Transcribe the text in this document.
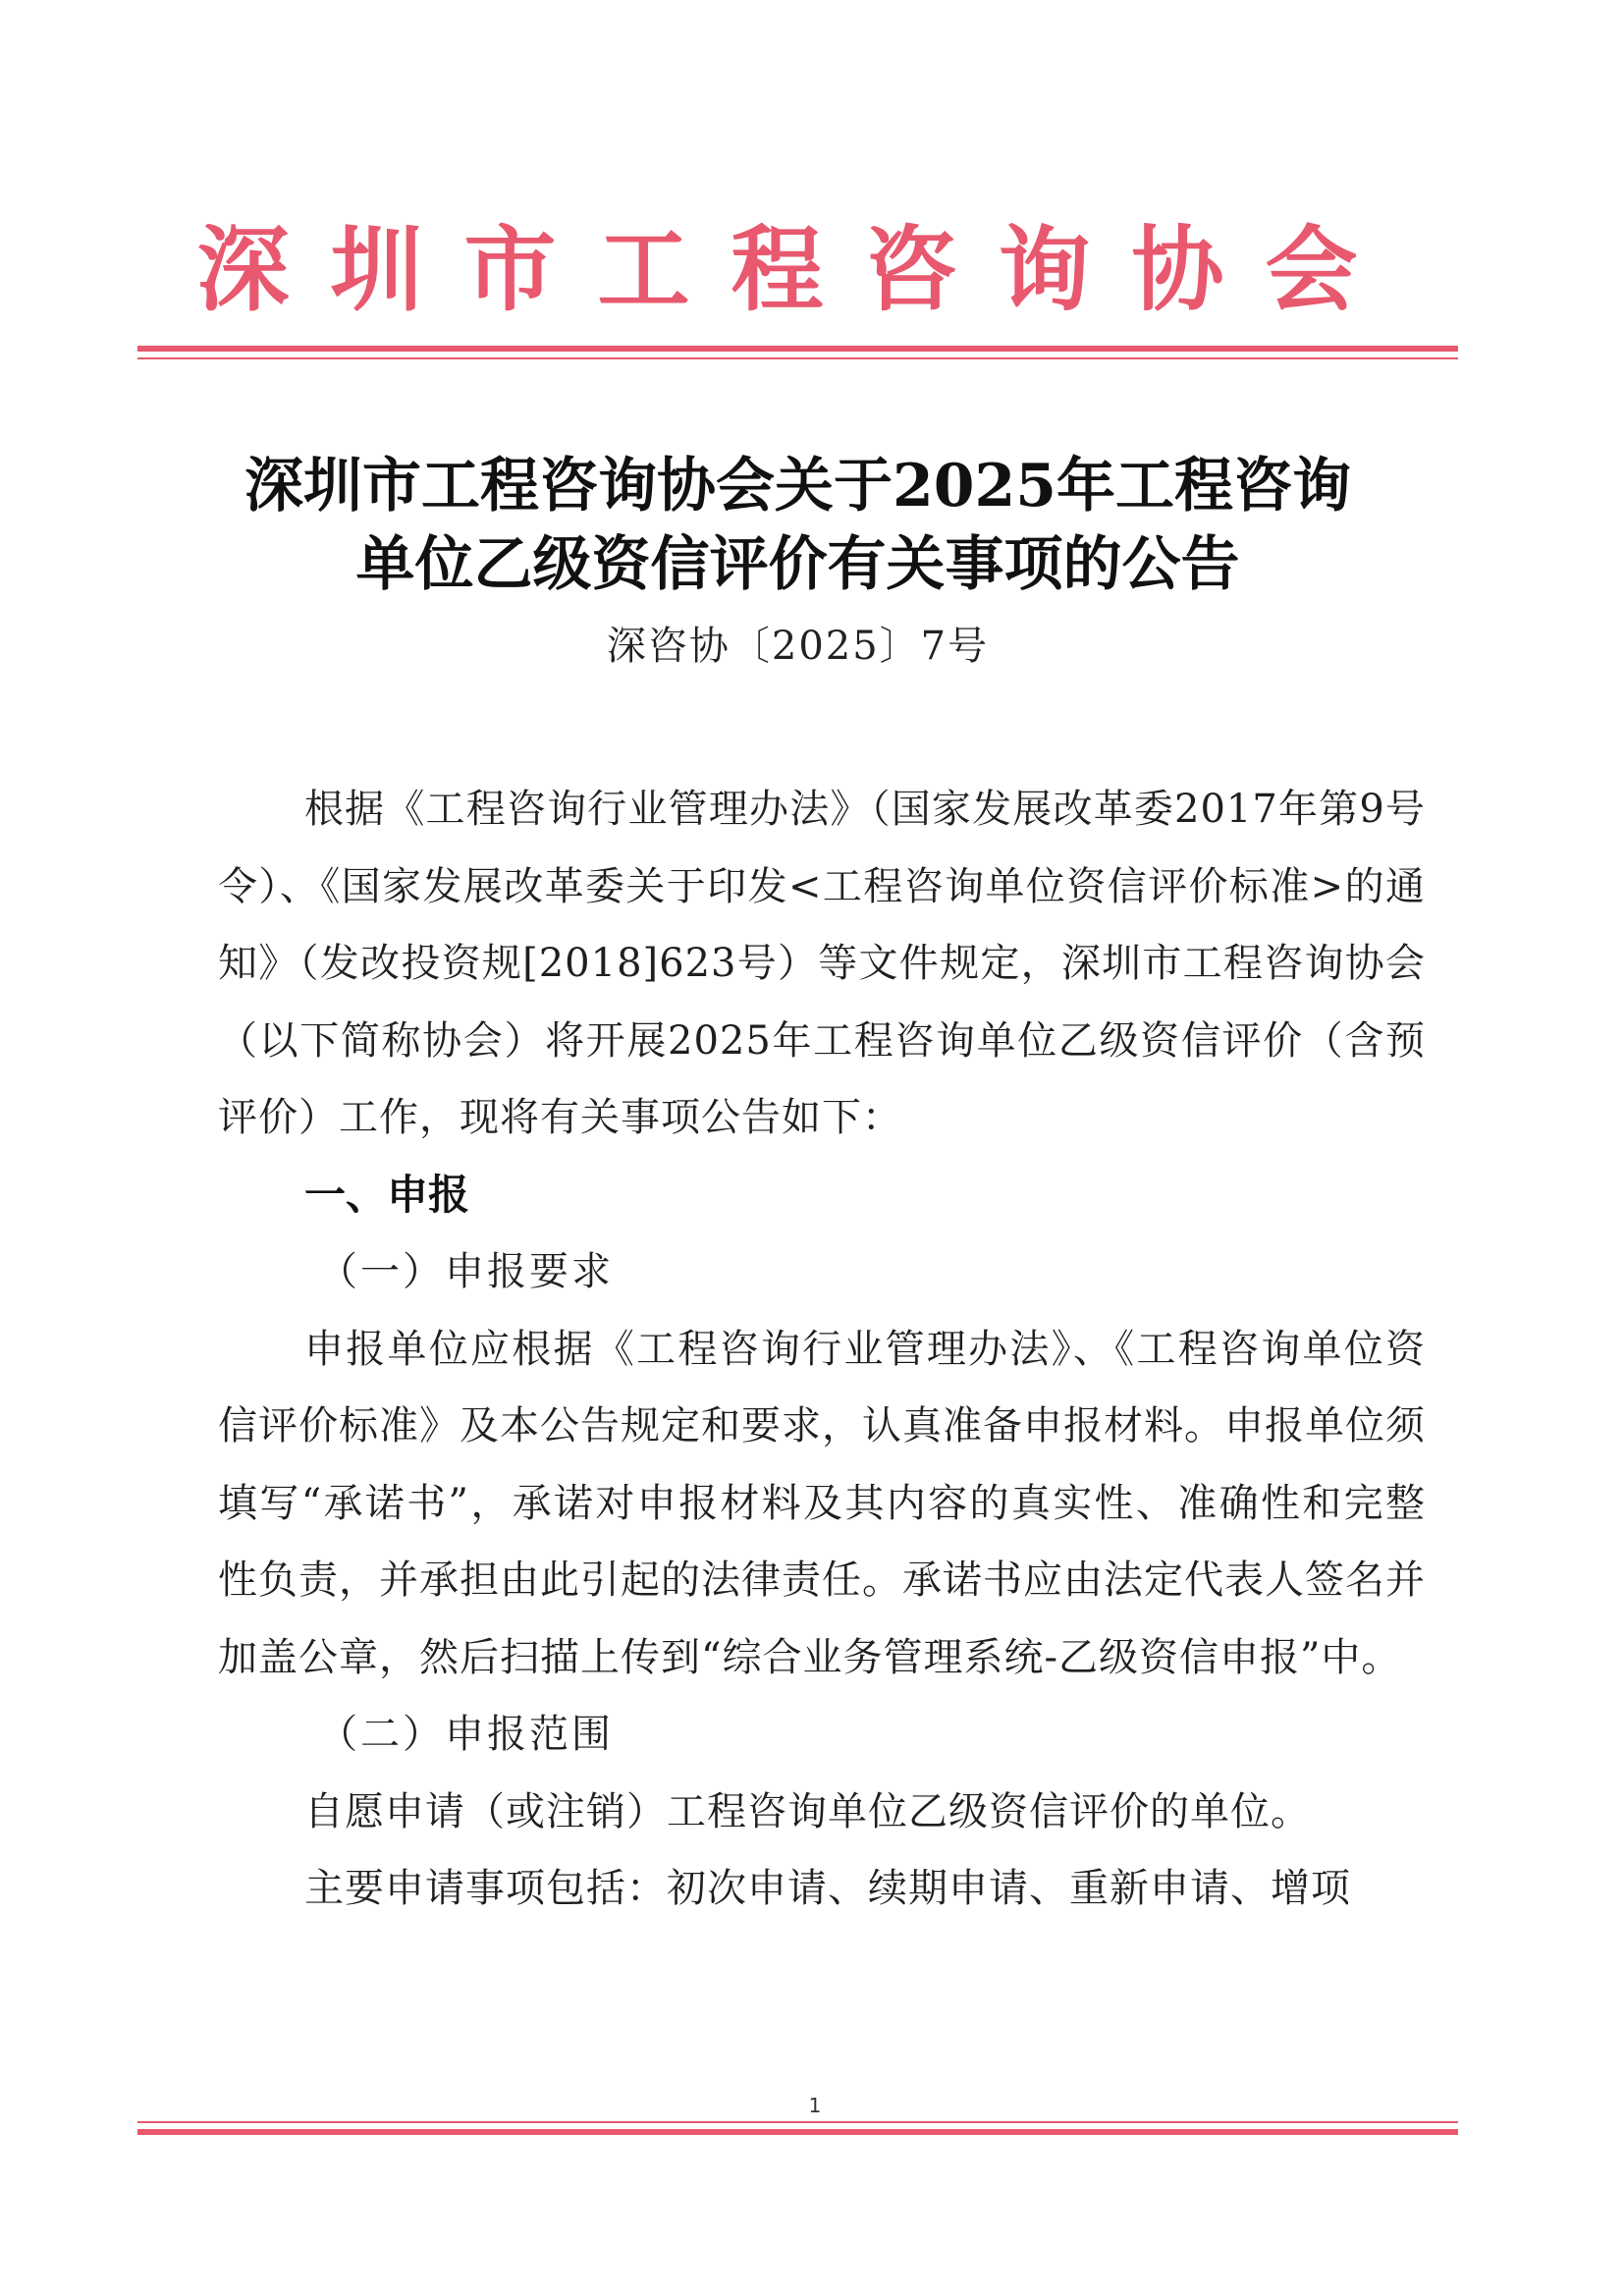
深圳市工程咨询协会
深圳市工程咨询协会关于2025年工程咨询
单位乙级资信评价有关事项的公告
深咨协〔2025〕7号

根据《工程咨询行业管理办法》（国家发展改革委2017年第9号令）、《国家发展改革委关于印发<工程咨询单位资信评价标准>的通知》（发改投资规[2018]623号）等文件规定，深圳市工程咨询协会（以下简称协会）将开展2025年工程咨询单位乙级资信评价（含预评价）工作，现将有关事项公告如下：

一、申报

（一）申报要求

申报单位应根据《工程咨询行业管理办法》、《工程咨询单位资信评价标准》及本公告规定和要求，认真准备申报材料。申报单位须填写“承诺书”，承诺对申报材料及其内容的真实性、准确性和完整性负责，并承担由此引起的法律责任。承诺书应由法定代表人签名并加盖公章，然后扫描上传到“综合业务管理系统-乙级资信申报”中。

（二）申报范围

自愿申请（或注销）工程咨询单位乙级资信评价的单位。

主要申请事项包括：初次申请、续期申请、重新申请、增项

1
